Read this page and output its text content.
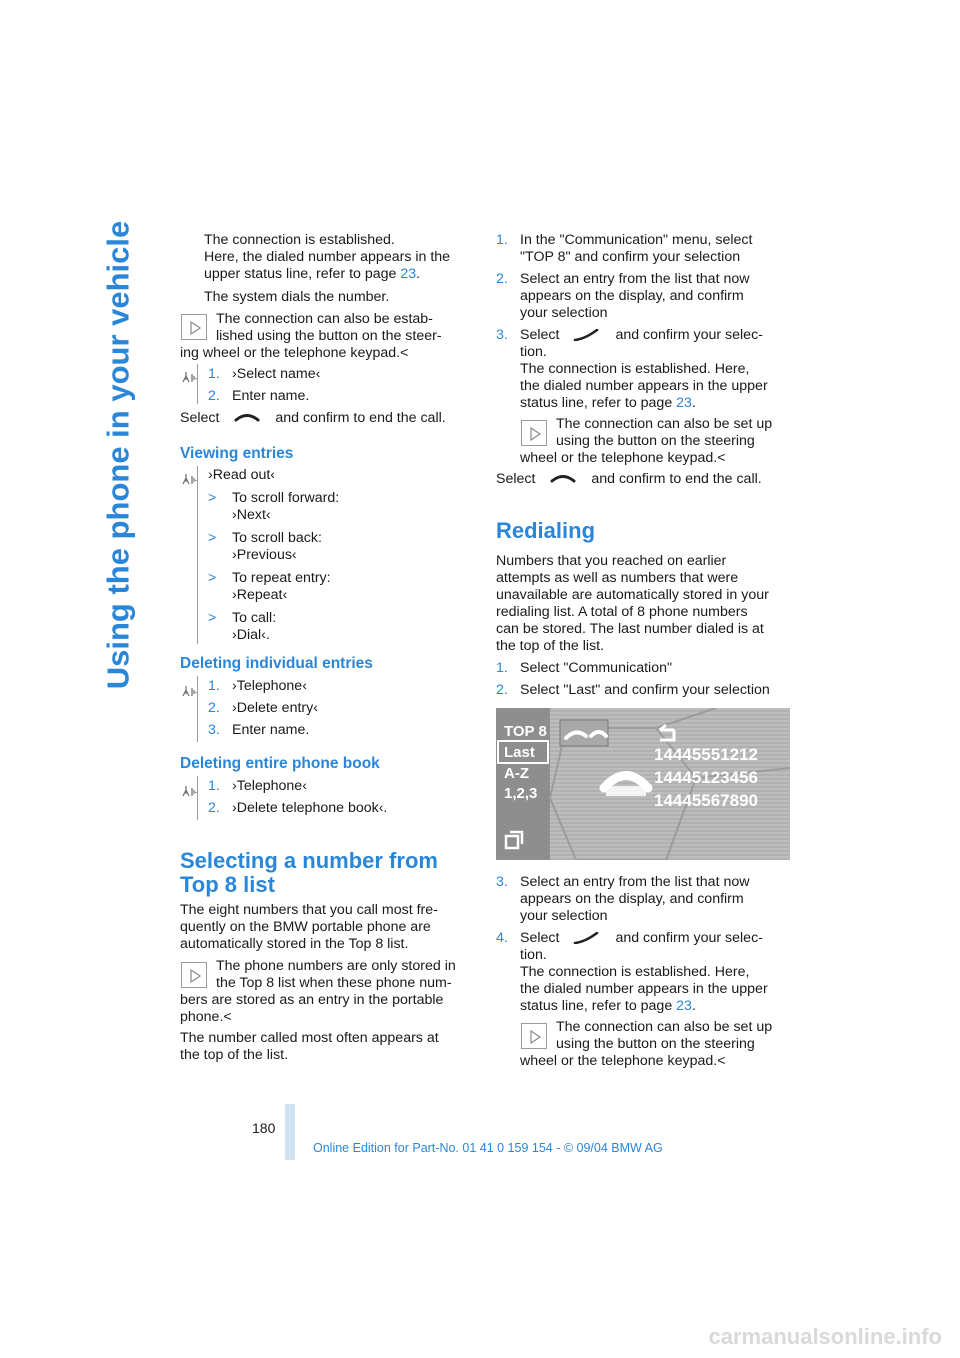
Using the phone in your vehicle	The connection is established.

Here, the dialed number appears in the

upper status line, refer to page 23.

The system dials the number.

The connection can also be estab-

lished using the button on the steer-

ing wheel or the telephone keypad.<

1. ›Select name‹

2. Enter name.

Select	and confirm to end the call.
Viewing entries

›Read out‹

> To scroll forward:

›Next‹

> To scroll back:

›Previous‹

> To repeat entry:

›Repeat‹

> To call:

›Dial‹.

Deleting individual entries

1. ›Telephone‹

2. ›Delete entry‹

3. Enter name.

Deleting entire phone book

1. ›Telephone‹

2. ›Delete telephone book‹.

Selecting a number from
Top 8 list

The eight numbers that you call most fre-

quently on the BMW portable phone are

automatically stored in the Top 8 list.

The phone numbers are only stored in

the Top 8 list when these phone num-

bers are stored as an entry in the portable

phone.<

The number called most often appears at

the top of the list.

1. In the "Communication" menu, select

"TOP 8" and confirm your selection

2. Select an entry from the list that now

appears on the display, and confirm

your selection

3. Select	and confirm your selec-

tion.

The connection is established. Here,

the dialed number appears in the upper

status line, refer to page 23.

The connection can also be set up

using the button on the steering

wheel or the telephone keypad.<

Select	and confirm to end the call.
Redialing

Numbers that you reached on earlier

attempts as well as numbers that were

unavailable are automatically stored in your

redialing list. A total of 8 phone numbers

can be stored. The last number dialed is at

the top of the list.

1. Select "Communication"

2. Select "Last" and confirm your selection

TOP 8
Last
A-Z
1,2,3
14445551212
14445123456
14445567890

3. Select an entry from the list that now

appears on the display, and confirm

your selection

4. Select	and confirm your selec-

tion.

The connection is established. Here,

the dialed number appears in the upper

status line, refer to page 23.

The connection can also be set up

using the button on the steering

wheel or the telephone keypad.<

180
Online Edition for Part-No. 01 41 0 159 154 - © 09/04 BMW AG
carmanualsonline.info
